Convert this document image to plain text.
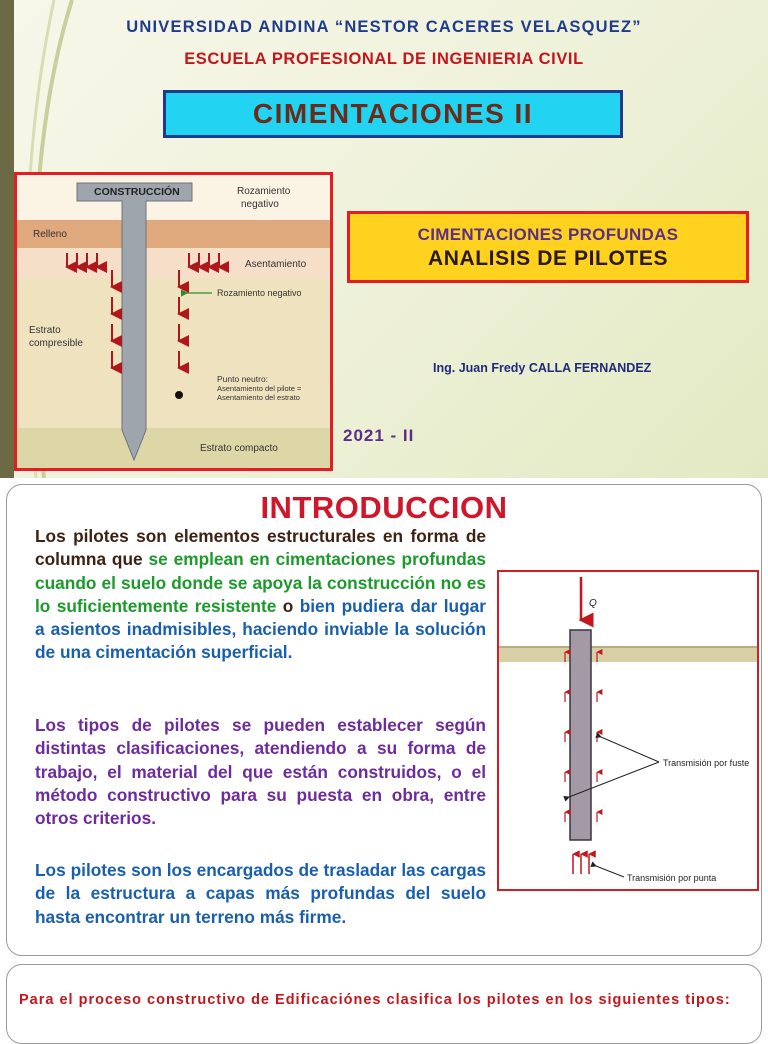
UNIVERSIDAD ANDINA “NESTOR CACERES VELASQUEZ”
ESCUELA PROFESIONAL DE INGENIERIA CIVIL
CIMENTACIONES II
CONSTRUCCIÓN	Rozamiento
negativo
Relleno
Asentamiento
Rozamiento negativo
Estrato
compresible
Punto neutro:
Asentamiento del pilote =
Asentamiento del estrato
Estrato compacto
CIMENTACIONES PROFUNDAS
ANALISIS DE PILOTES
Ing. Juan Fredy CALLA FERNANDEZ
2021 - II
INTRODUCCION
Los pilotes son elementos estructurales en forma de columna que se emplean en cimentaciones profundas cuando el suelo donde se apoya la construcción no es lo suficientemente resistente o bien pudiera dar lugar a asientos inadmisibles, haciendo inviable la solución de una cimentación superficial.
Los tipos de pilotes se pueden establecer según distintas clasificaciones, atendiendo a su forma de trabajo, el material del que están construidos, o el método constructivo para su puesta en obra, entre otros criterios.
Los pilotes son los encargados de trasladar las cargas de la estructura a capas más profundas del suelo hasta encontrar un terreno más firme.
Q
Transmisión por fuste
Transmisión por punta
Para el proceso constructivo de Edificaciónes clasifica los pilotes en los siguientes tipos:
